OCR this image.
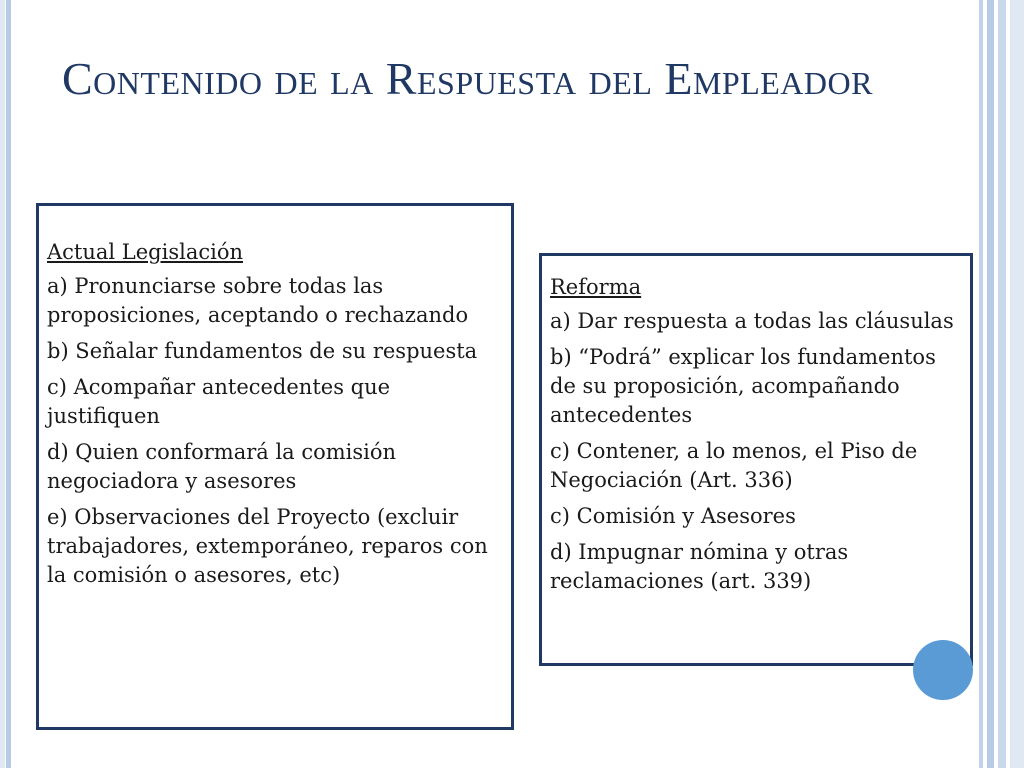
Contenido de la Respuesta del Empleador
Actual Legislación
a) Pronunciarse sobre todas las proposiciones, aceptando o rechazando
b) Señalar fundamentos de su respuesta
c) Acompañar antecedentes que justifiquen
d) Quien conformará la comisión negociadora y asesores
e) Observaciones del Proyecto (excluir trabajadores, extemporáneo, reparos con la comisión o asesores, etc)
Reforma
a) Dar respuesta a todas las cláusulas
b) “Podrá” explicar los fundamentos de su proposición, acompañando antecedentes
c) Contener, a lo menos, el Piso de Negociación (Art. 336)
c) Comisión y Asesores
d) Impugnar nómina y otras reclamaciones (art. 339)
